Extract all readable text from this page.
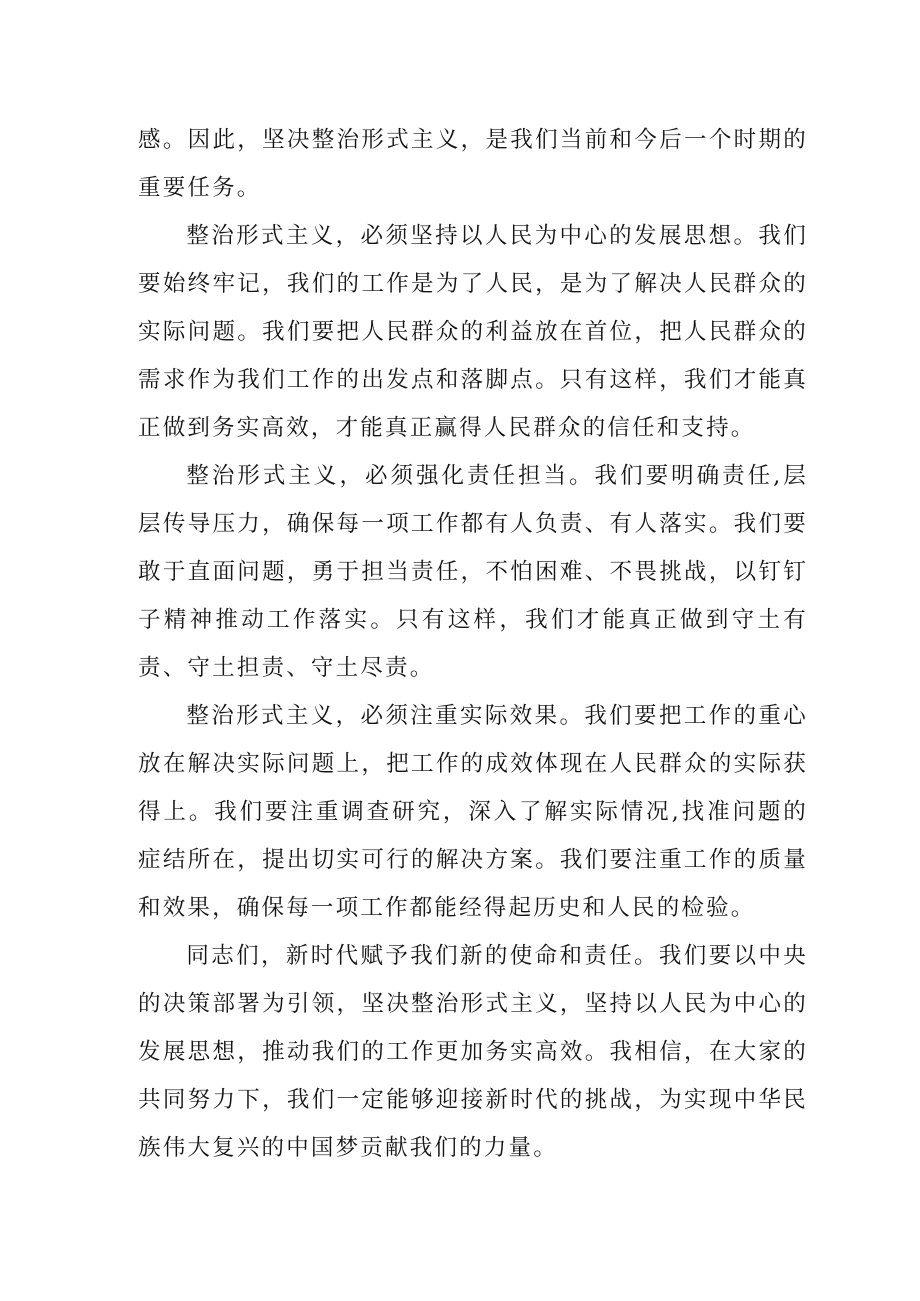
感。因此，坚决整治形式主义，是我们当前和今后一个时期的重要任务。

整治形式主义，必须坚持以人民为中心的发展思想。我们要始终牢记，我们的工作是为了人民，是为了解决人民群众的实际问题。我们要把人民群众的利益放在首位，把人民群众的需求作为我们工作的出发点和落脚点。只有这样，我们才能真正做到务实高效，才能真正赢得人民群众的信任和支持。

整治形式主义，必须强化责任担当。我们要明确责任,层层传导压力，确保每一项工作都有人负责、有人落实。我们要敢于直面问题，勇于担当责任，不怕困难、不畏挑战，以钉钉子精神推动工作落实。只有这样，我们才能真正做到守土有责、守土担责、守土尽责。

整治形式主义，必须注重实际效果。我们要把工作的重心放在解决实际问题上，把工作的成效体现在人民群众的实际获得上。我们要注重调查研究，深入了解实际情况,找准问题的症结所在，提出切实可行的解决方案。我们要注重工作的质量和效果，确保每一项工作都能经得起历史和人民的检验。

同志们，新时代赋予我们新的使命和责任。我们要以中央的决策部署为引领，坚决整治形式主义，坚持以人民为中心的发展思想，推动我们的工作更加务实高效。我相信，在大家的共同努力下，我们一定能够迎接新时代的挑战，为实现中华民族伟大复兴的中国梦贡献我们的力量。
